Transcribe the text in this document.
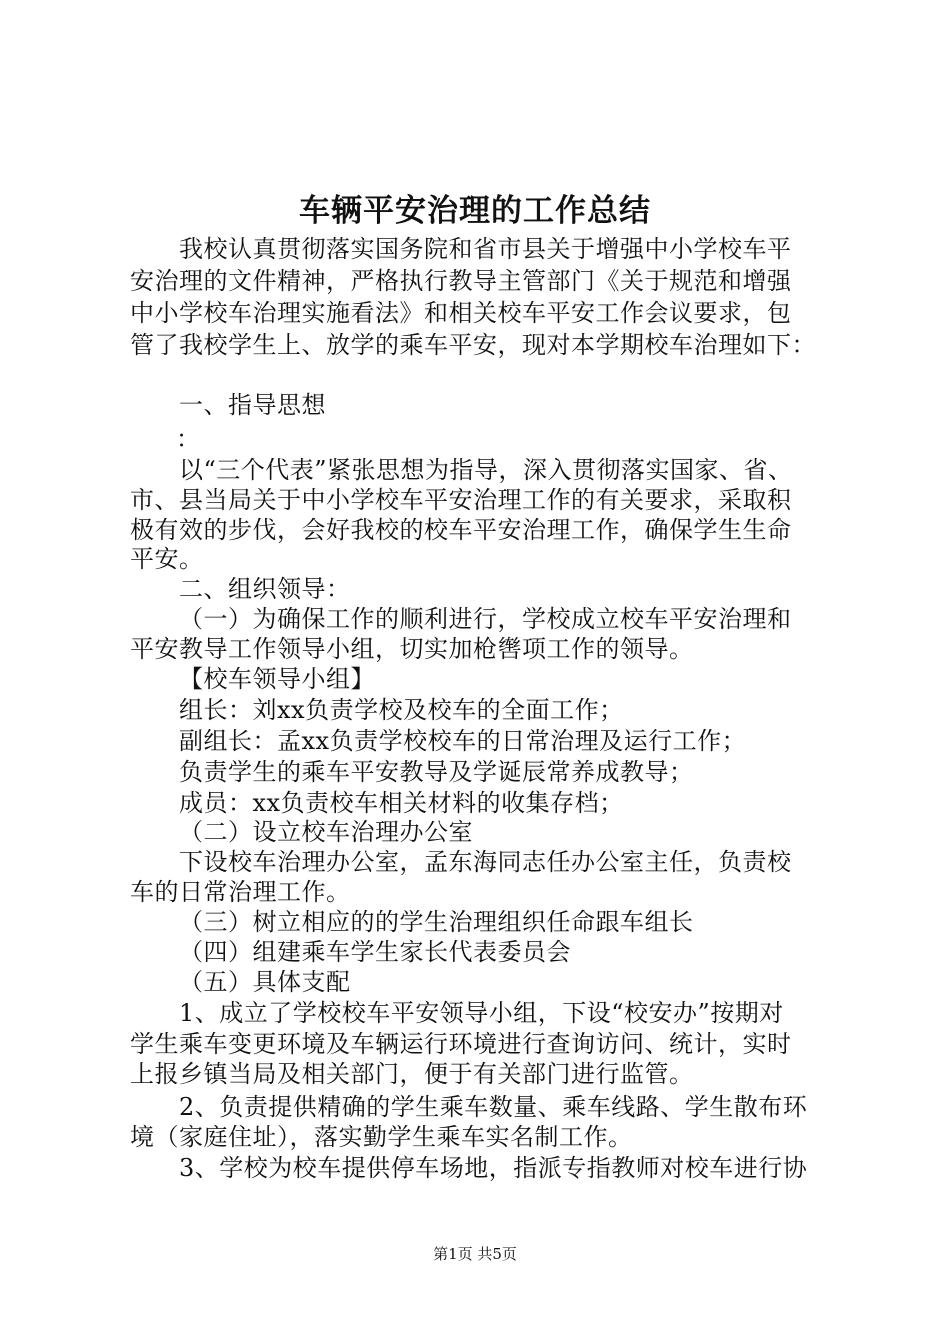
车辆平安治理的工作总结
我校认真贯彻落实国务院和省市县关于增强中小学校车平
安治理的文件精神，严格执行教导主管部门《关于规范和增强
中小学校车治理实施看法》和相关校车平安工作会议要求，包
管了我校学生上、放学的乘车平安，现对本学期校车治理如下：
一、指导思想
：
以“三个代表”紧张思想为指导，深入贯彻落实国家、省、
市、县当局关于中小学校车平安治理工作的有关要求，采取积
极有效的步伐，会好我校的校车平安治理工作，确保学生生命
平安。
二、组织领导：
（一）为确保工作的顺利进行，学校成立校车平安治理和
平安教导工作领导小组，切实加枪辔项工作的领导。
【校车领导小组】
组长：刘xx负责学校及校车的全面工作；
副组长：孟xx负责学校校车的日常治理及运行工作；
负责学生的乘车平安教导及学诞辰常养成教导；
成员：xx负责校车相关材料的收集存档；
（二）设立校车治理办公室
下设校车治理办公室，孟东海同志任办公室主任，负责校
车的日常治理工作。
（三）树立相应的的学生治理组织任命跟车组长
（四）组建乘车学生家长代表委员会
（五）具体支配
1、成立了学校校车平安领导小组，下设“校安办”按期对
学生乘车变更环境及车辆运行环境进行查询访问、统计，实时
上报乡镇当局及相关部门，便于有关部门进行监管。
2、负责提供精确的学生乘车数量、乘车线路、学生散布环
境（家庭住址），落实勤学生乘车实名制工作。
3、学校为校车提供停车场地，指派专指教师对校车进行协
第1页 共5页
